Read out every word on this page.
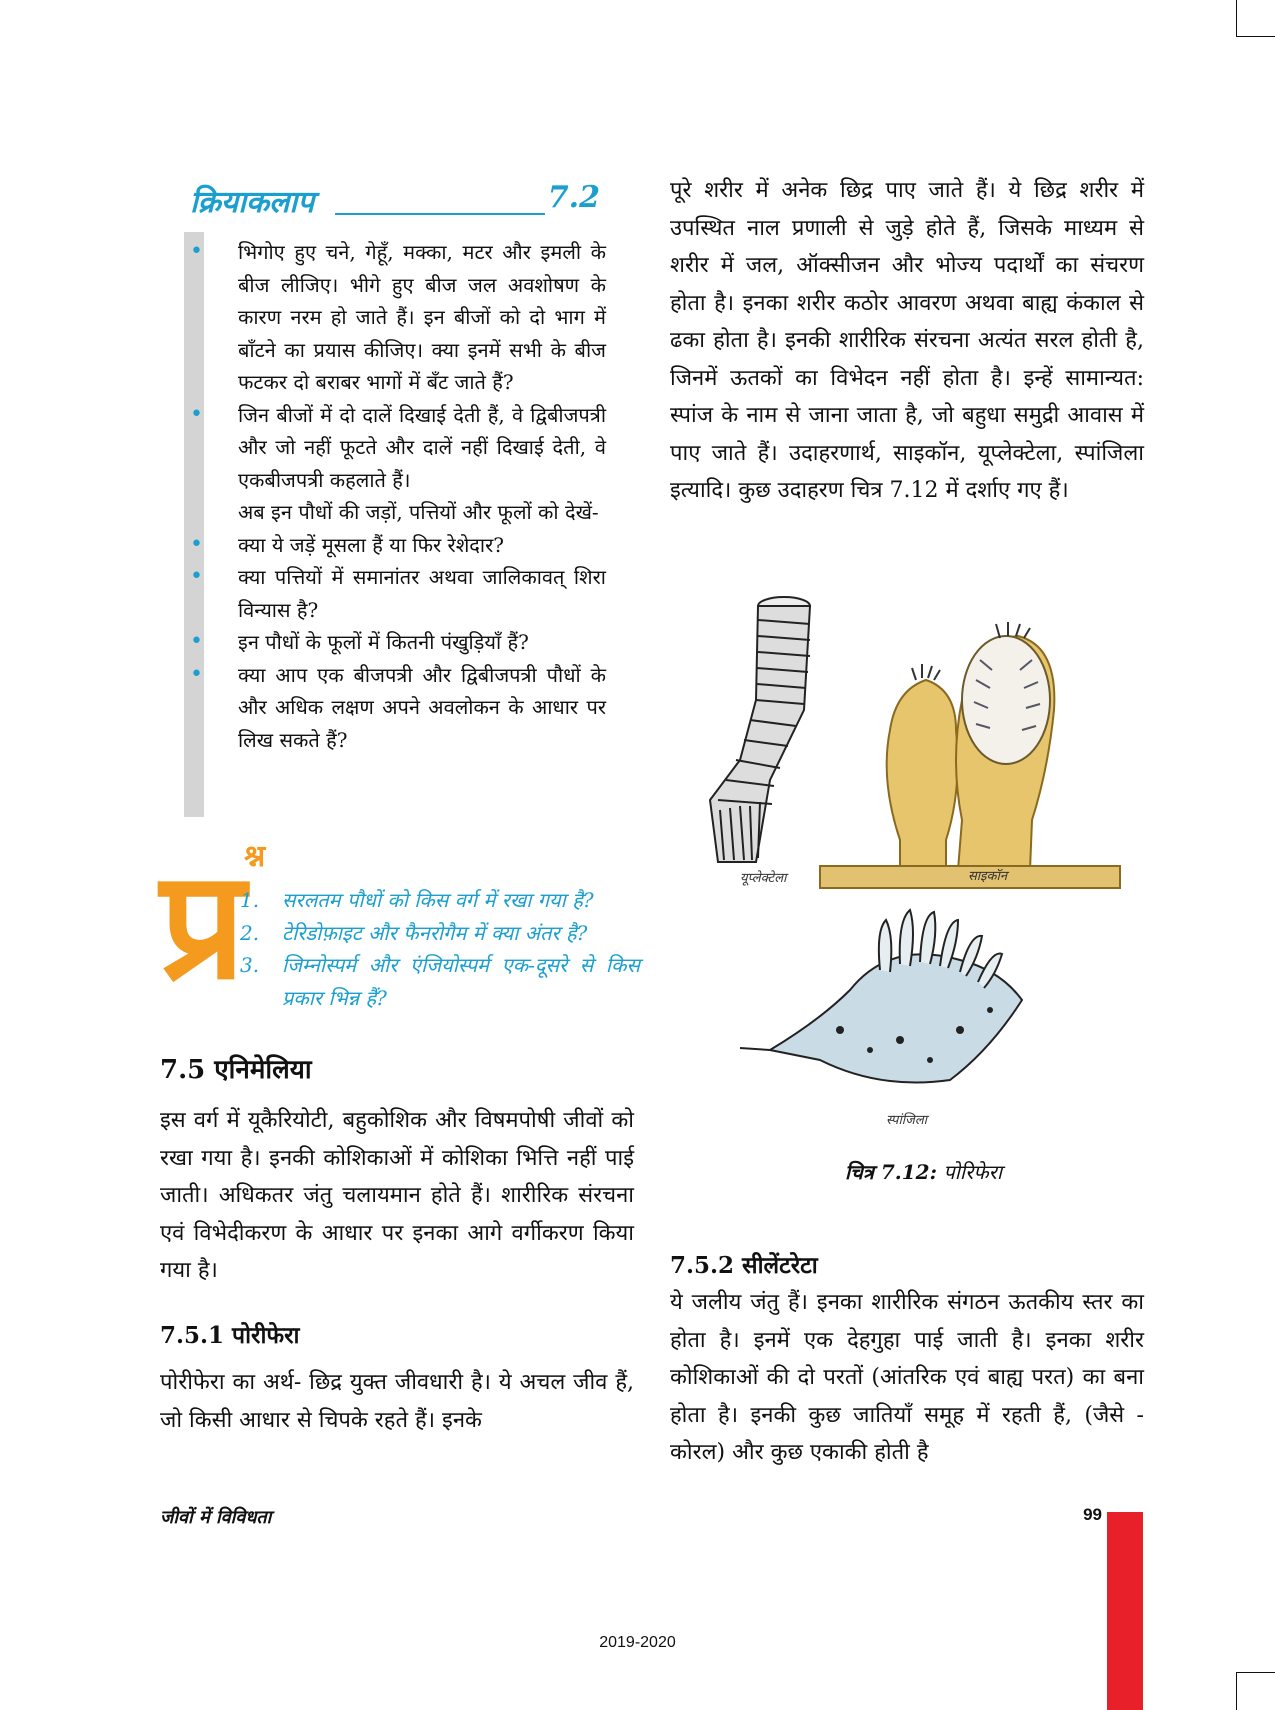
क्रियाकलाप	7.2
• भिगोए हुए चने, गेहूँ, मक्का, मटर और इमली के बीज लीजिए। भीगे हुए बीज जल अवशोषण के कारण नरम हो जाते हैं। इन बीजों को दो भाग में बाँटने का प्रयास कीजिए। क्या इनमें सभी के बीज फटकर दो बराबर भागों में बँट जाते हैं?
• जिन बीजों में दो दालें दिखाई देती हैं, वे द्विबीजपत्री और जो नहीं फूटते और दालें नहीं दिखाई देती, वे एकबीजपत्री कहलाते हैं।
अब इन पौधों की जड़ों, पत्तियों और फूलों को देखें-
• क्या ये जड़ें मूसला हैं या फिर रेशेदार?
• क्या पत्तियों में समानांतर अथवा जालिकावत् शिरा विन्यास है?
• इन पौधों के फूलों में कितनी पंखुड़ियाँ हैं?
• क्या आप एक बीजपत्री और द्विबीजपत्री पौधों के और अधिक लक्षण अपने अवलोकन के आधार पर लिख सकते हैं?
प्र
श्न
1.	सरलतम पौधों को किस वर्ग में रखा गया है?
2.	टेरिडोफ़ाइट और फैनरोगैम में क्या अंतर है?
3.	जिम्नोस्पर्म और एंजियोस्पर्म एक-दूसरे से किस प्रकार भिन्न हैं?
7.5 एनिमेलिया

इस वर्ग में यूकैरियोटी, बहुकोशिक और विषमपोषी जीवों को रखा गया है। इनकी कोशिकाओं में कोशिका भित्ति नहीं पाई जाती। अधिकतर जंतु चलायमान होते हैं। शारीरिक संरचना एवं विभेदीकरण के आधार पर इनका आगे वर्गीकरण किया गया है।

7.5.1 पोरीफेरा

पोरीफेरा का अर्थ- छिद्र युक्त जीवधारी है। ये अचल जीव हैं, जो किसी आधार से चिपके रहते हैं। इनके

पूरे शरीर में अनेक छिद्र पाए जाते हैं। ये छिद्र शरीर में उपस्थित नाल प्रणाली से जुड़े होते हैं, जिसके माध्यम से शरीर में जल, ऑक्सीजन और भोज्य पदार्थों का संचरण होता है। इनका शरीर कठोर आवरण अथवा बाह्य कंकाल से ढका होता है। इनकी शारीरिक संरचना अत्यंत सरल होती है, जिनमें ऊतकों का विभेदन नहीं होता है। इन्हें सामान्यत: स्पांज के नाम से जाना जाता है, जो बहुधा समुद्री आवास में पाए जाते हैं। उदाहरणार्थ, साइकॉन, यूप्लेक्टेला, स्पांजिला इत्यादि। कुछ उदाहरण चित्र 7.12 में दर्शाए गए हैं।

यूप्लेक्टेला	साइकॉन
स्पांजिला
चित्र 7.12: पोरिफेरा
7.5.2 सीलेंटरेटा

ये जलीय जंतु हैं। इनका शारीरिक संगठन ऊतकीय स्तर का होता है। इनमें एक देहगुहा पाई जाती है। इनका शरीर कोशिकाओं की दो परतों (आंतरिक एवं बाह्य परत) का बना होता है। इनकी कुछ जातियाँ समूह में रहती हैं, (जैसे - कोरल) और कुछ एकाकी होती है

जीवों में विविधता	99
2019-2020
